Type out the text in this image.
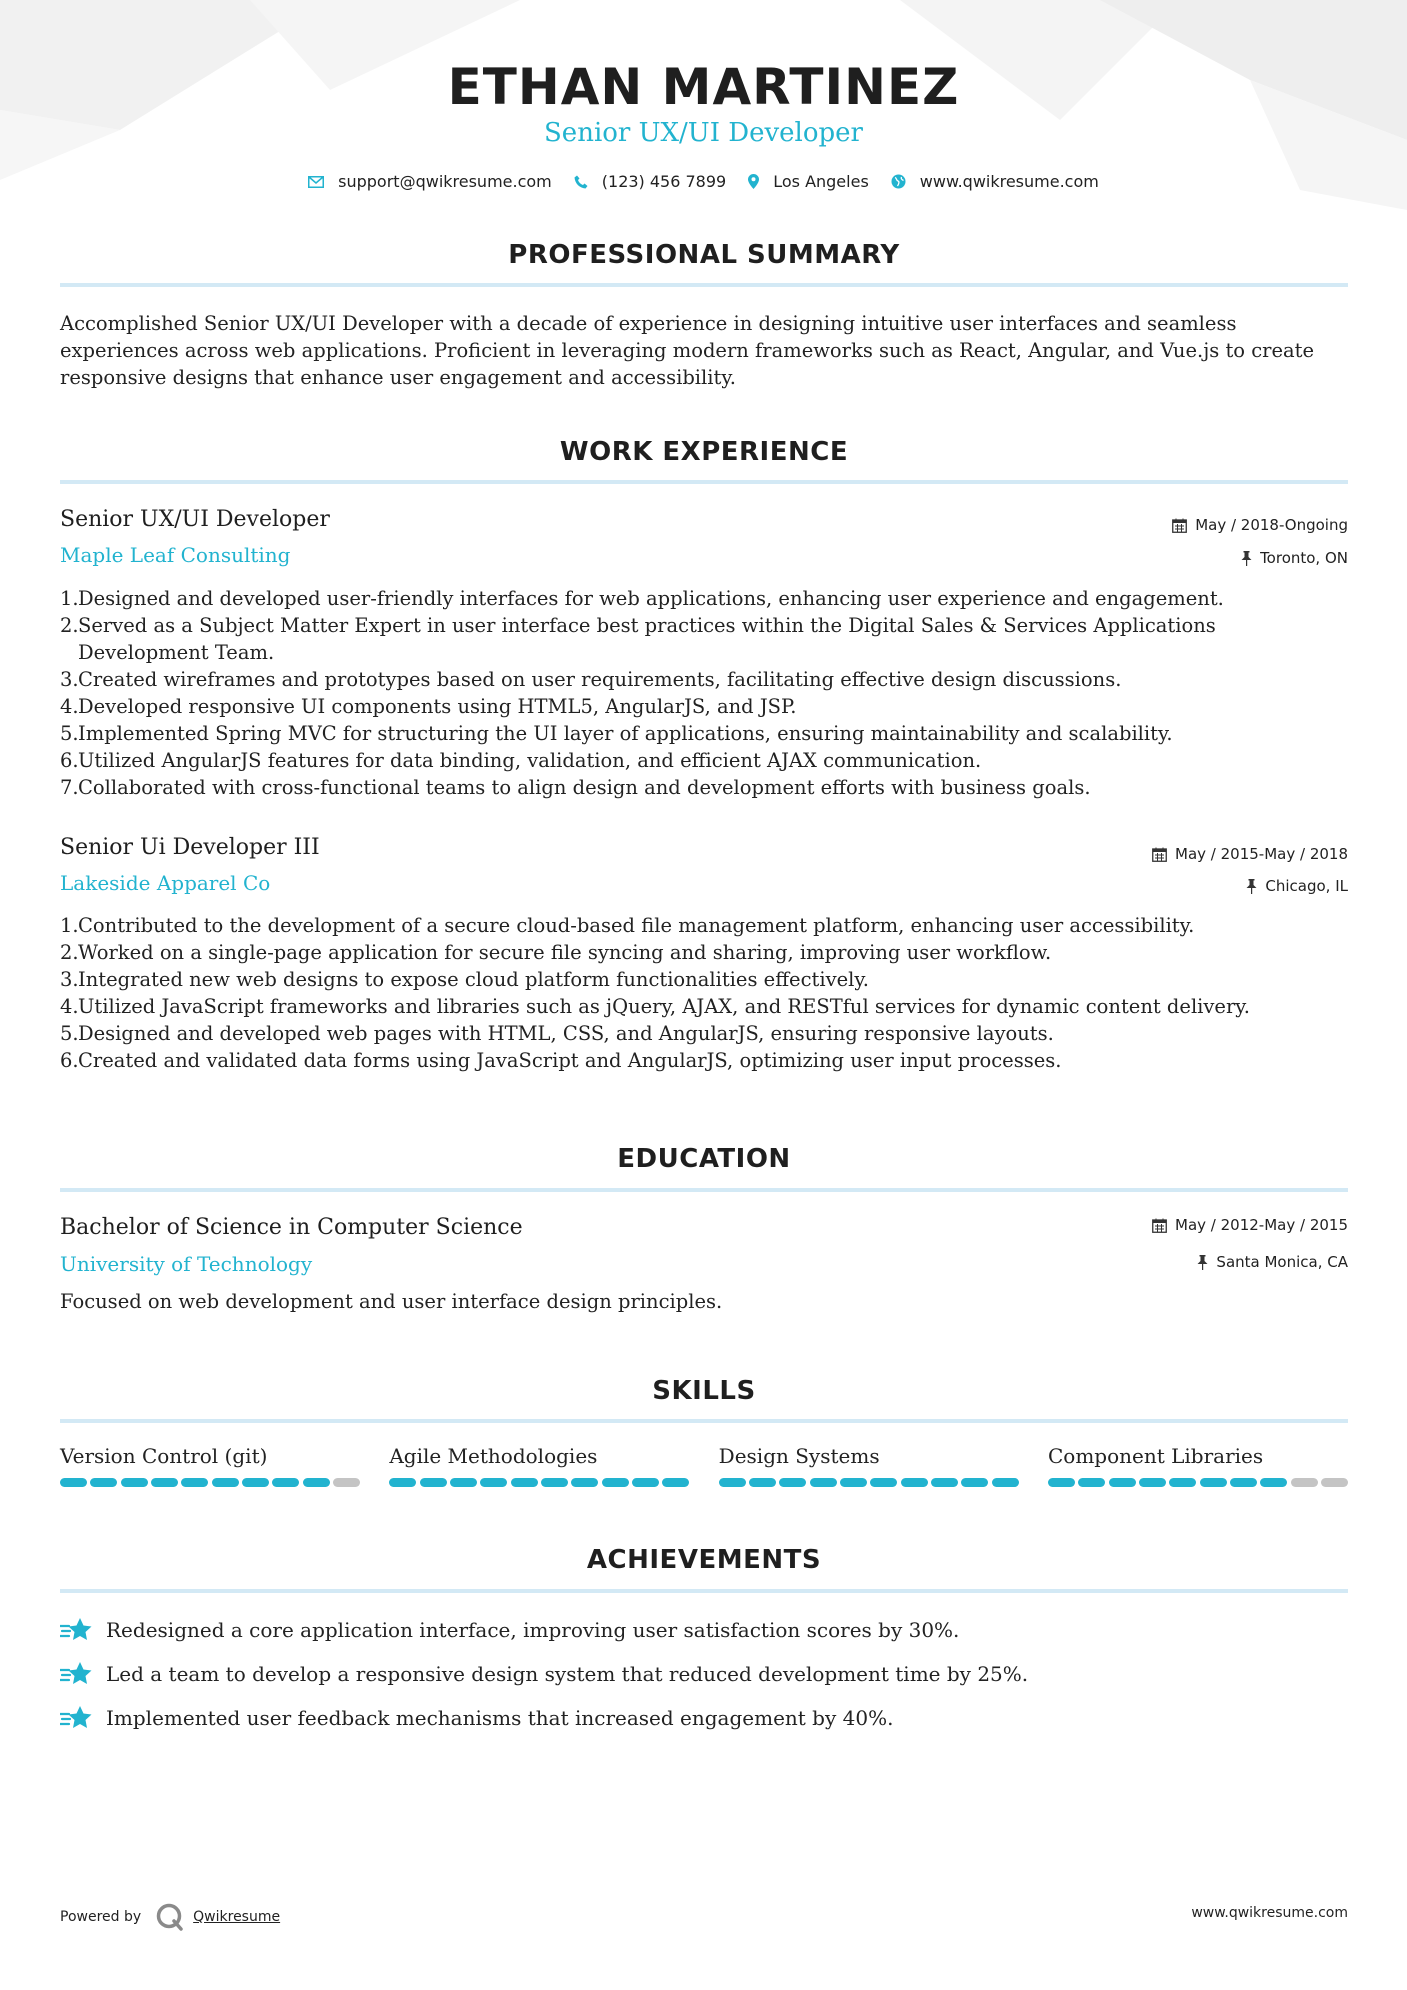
ETHAN MARTINEZ
Senior UX/UI Developer
support@qwikresume.com	(123) 456 7899	Los Angeles	www.qwikresume.com
PROFESSIONAL SUMMARY
Accomplished Senior UX/UI Developer with a decade of experience in designing intuitive user interfaces and seamless experiences across web applications. Proficient in leveraging modern frameworks such as React, Angular, and Vue.js to create responsive designs that enhance user engagement and accessibility.
WORK EXPERIENCE
Senior UX/UI Developer
Maple Leaf Consulting
May / 2018-Ongoing
Toronto, ON
1. Designed and developed user-friendly interfaces for web applications, enhancing user experience and engagement.
2. Served as a Subject Matter Expert in user interface best practices within the Digital Sales & Services Applications Development Team.
3. Created wireframes and prototypes based on user requirements, facilitating effective design discussions.
4. Developed responsive UI components using HTML5, AngularJS, and JSP.
5. Implemented Spring MVC for structuring the UI layer of applications, ensuring maintainability and scalability.
6. Utilized AngularJS features for data binding, validation, and efficient AJAX communication.
7. Collaborated with cross-functional teams to align design and development efforts with business goals.
Senior Ui Developer III
Lakeside Apparel Co
May / 2015-May / 2018
Chicago, IL
1. Contributed to the development of a secure cloud-based file management platform, enhancing user accessibility.
2. Worked on a single-page application for secure file syncing and sharing, improving user workflow.
3. Integrated new web designs to expose cloud platform functionalities effectively.
4. Utilized JavaScript frameworks and libraries such as jQuery, AJAX, and RESTful services for dynamic content delivery.
5. Designed and developed web pages with HTML, CSS, and AngularJS, ensuring responsive layouts.
6. Created and validated data forms using JavaScript and AngularJS, optimizing user input processes.
EDUCATION
Bachelor of Science in Computer Science
University of Technology
May / 2012-May / 2015
Santa Monica, CA
Focused on web development and user interface design principles.
SKILLS
Version Control (git)	Agile Methodologies	Design Systems	Component Libraries
ACHIEVEMENTS
Redesigned a core application interface, improving user satisfaction scores by 30%.
Led a team to develop a responsive design system that reduced development time by 25%.
Implemented user feedback mechanisms that increased engagement by 40%.
Powered by	Qwikresume	www.qwikresume.com
